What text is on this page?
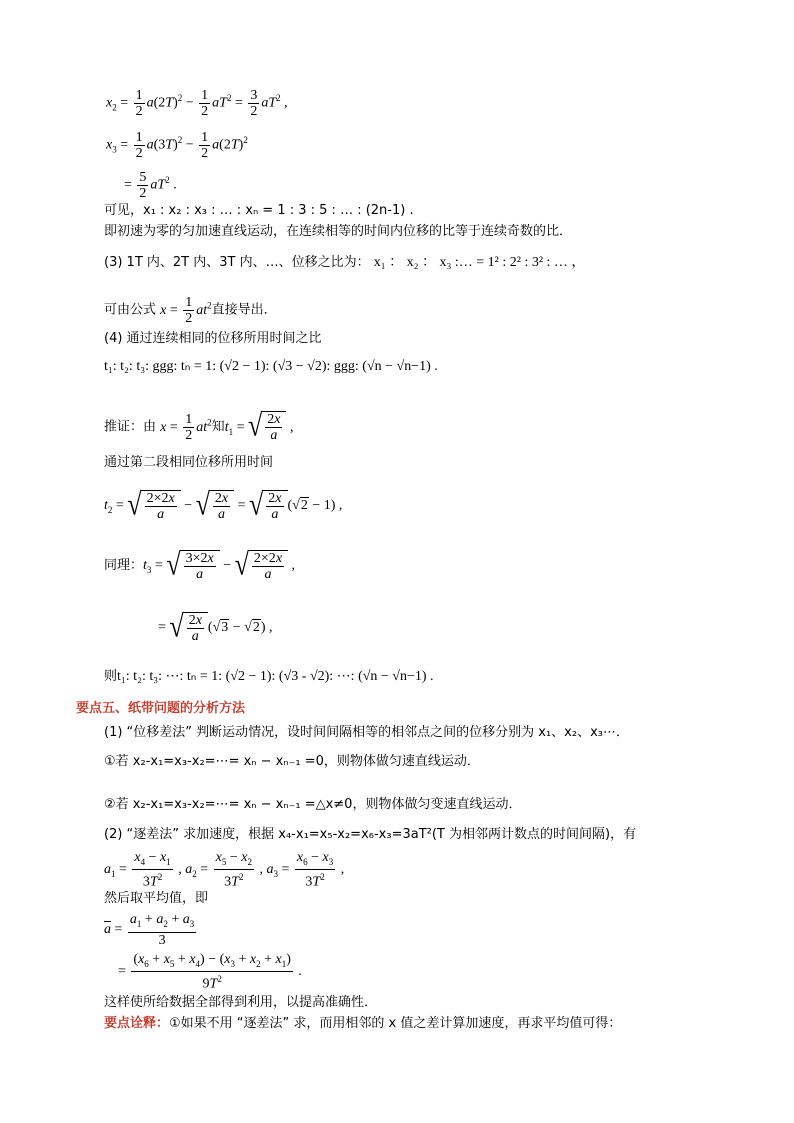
$x_2 = \frac{1}{2} a(2T)^2 - \frac{1}{2} aT^2 = \frac{3}{2} aT^2$ ,
$x_3 = \frac{1}{2} a(3T)^2 - \frac{1}{2} a(2T)^2$
= $\frac{5}{2} aT^2$ .
可见，x₁ : x₂ : x₃ : … : xₙ = 1 : 3 : 5 : … : (2n-1) .
即初速为零的匀加速直线运动，在连续相等的时间内位移的比等于连续奇数的比．
(3) 1T 内、2T 内、3T 内、…、位移之比为： x₁ ： x₂ ： x₃ :… = 1² : 2² : 3² : … ，
可由公式 $x = \frac{1}{2} at^2$直接导出．
(4) 通过连续相同的位移所用时间之比
t₁: t₂: t₃: ggg: tₙ = 1: (√2 − 1): (√3 − √2): ggg: (√n − √n−1) .
推证：由 $x = \frac{1}{2} at^2$知$t_1$ = √ $\frac{2x}{a}$ ,
通过第二段相同位移所用时间
$t_2$ = √ $\frac{2\times 2x}{a}$ − √ $\frac{2x}{a}$ = √ $\frac{2x}{a} (√2 - 1)$ ,
同理：$t_3$ = √ $\frac{3\times 2x}{a}$ − √ $\frac{2\times 2x}{a}$ ,
= √ $\frac{2x}{a} (√3 - √2)$ ,
则t₁: t₂: t₃: ⋯: tₙ = 1: (√2 − 1): (√3 - √2): ⋯: (√n − √n−1) .
要点五、纸带问题的分析方法
(1) “位移差法” 判断运动情况，设时间间隔相等的相邻点之间的位移分别为 x₁、x₂、x₃⋯．
①若 x₂-x₁=x₃-x₂=⋯= xₙ − xₙ₋₁ =0，则物体做匀速直线运动．
②若 x₂-x₁=x₃-x₂=⋯= xₙ − xₙ₋₁ =△x≠0，则物体做匀变速直线运动．
(2) “逐差法” 求加速度，根据 x₄-x₁=x₅-x₂=x₆-x₃=3aT²(T 为相邻两计数点的时间间隔)，有
$a_1 = \frac{x_4 - x_1}{3T^2}$ , $a_2 = \frac{x_5 - x_2}{3T^2}$ , $a_3 = \frac{x_6 - x_3}{3T^2}$ ,
然后取平均值，即
$\overline{a} = \frac{a_1 + a_2 + a_3}{3}$
= $\frac{(x_6 + x_5 + x_4) - (x_3 + x_2 + x_1)}{9T^2}$ .
这样使所给数据全部得到利用，以提高准确性．
要点诠释：①如果不用 “逐差法” 求，而用相邻的 x 值之差计算加速度，再求平均值可得：
